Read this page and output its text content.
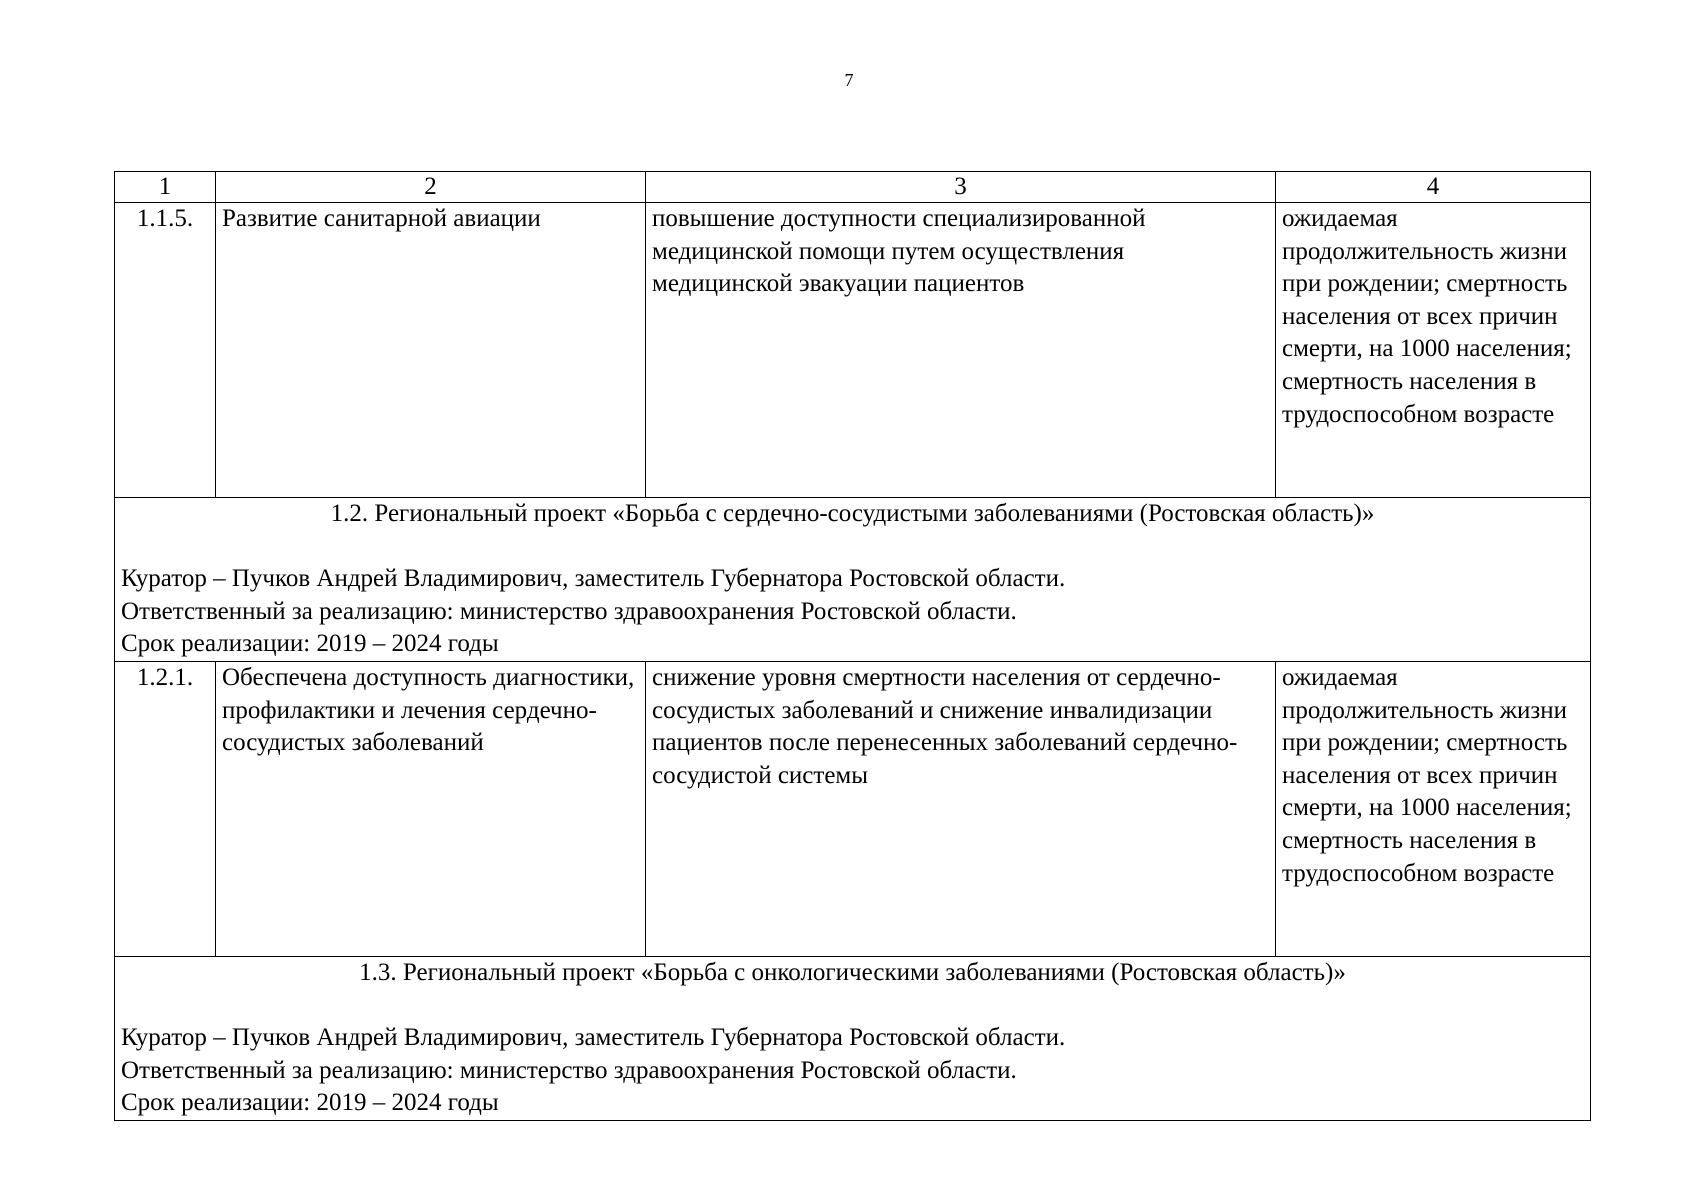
7
1	2	3	4
1.1.5.	Развитие санитарной авиации	повышение доступности специализированной медицинской помощи путем осуществления медицинской эвакуации пациентов	ожидаемая продолжительность жизни при рождении; смертность населения от всех причин смерти, на 1000 населения; смертность населения в трудоспособном возрасте

1.2. Региональный проект «Борьба с сердечно-сосудистыми заболеваниями (Ростовская область)»
Куратор – Пучков Андрей Владимирович, заместитель Губернатора Ростовской области.
Ответственный за реализацию: министерство здравоохранения Ростовской области.
Срок реализации: 2019 – 2024 годы			

1.2.1.	Обеспечена доступность диагностики, профилактики и лечения сердечно-сосудистых заболеваний	снижение уровня смертности населения от сердечно-сосудистых заболеваний и снижение инвалидизации пациентов после перенесенных заболеваний сердечно-сосудистой системы	ожидаемая продолжительность жизни при рождении; смертность населения от всех причин смерти, на 1000 населения; смертность населения в трудоспособном возрасте

1.3. Региональный проект «Борьба с онкологическими заболеваниями (Ростовская область)»
Куратор – Пучков Андрей Владимирович, заместитель Губернатора Ростовской области.
Ответственный за реализацию: министерство здравоохранения Ростовской области.
Срок реализации: 2019 – 2024 годы			
